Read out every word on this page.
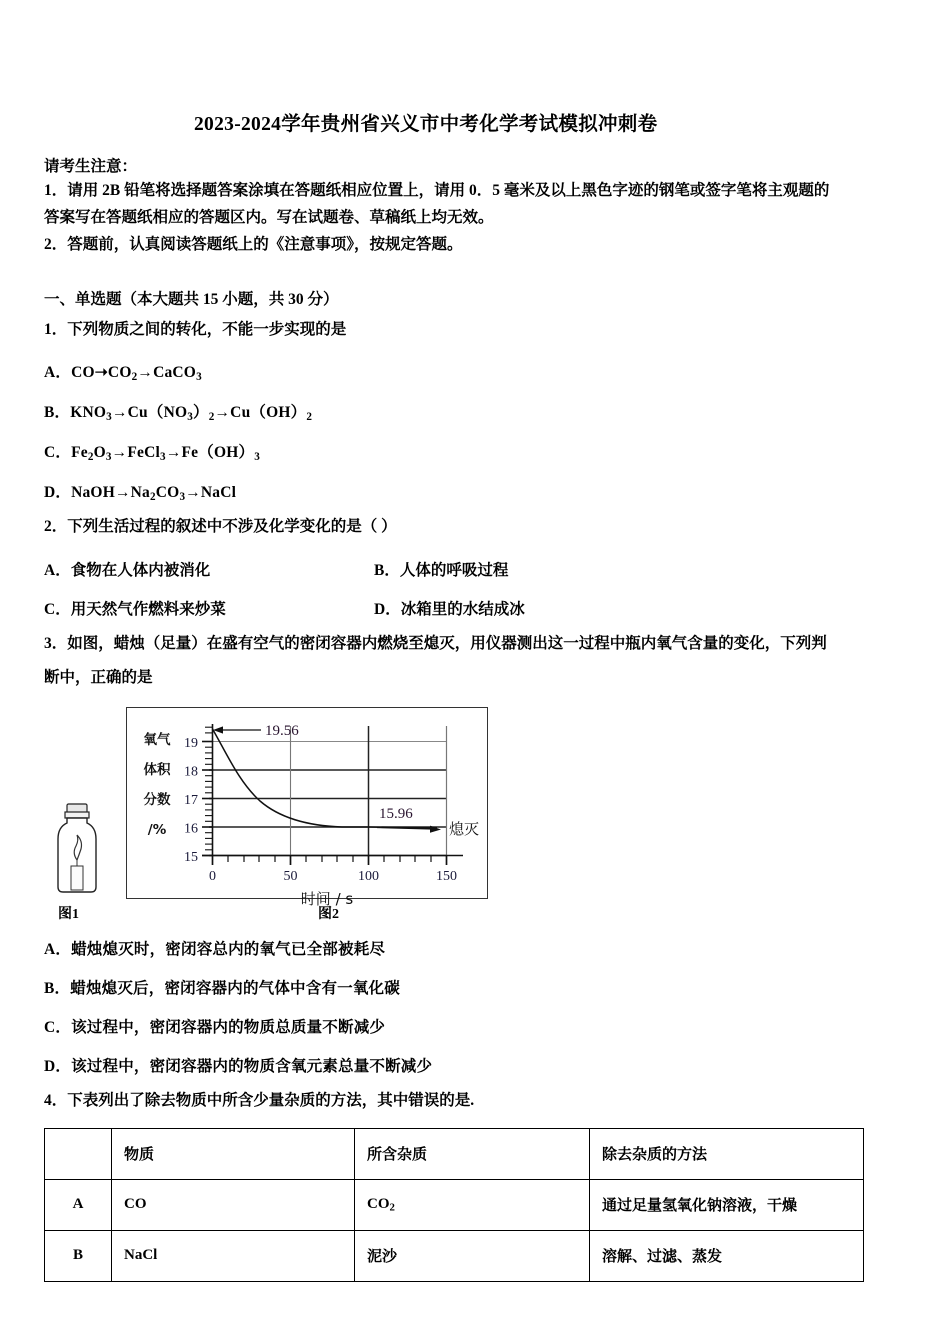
2023-2024学年贵州省兴义市中考化学考试模拟冲刺卷
请考生注意：
1．请用 2B 铅笔将选择题答案涂填在答题纸相应位置上，请用 0．5 毫米及以上黑色字迹的钢笔或签字笔将主观题的
答案写在答题纸相应的答题区内。写在试题卷、草稿纸上均无效。
2．答题前，认真阅读答题纸上的《注意事项》，按规定答题。
一、单选题（本大题共 15 小题，共 30 分）
1．下列物质之间的转化，不能一步实现的是
A．$CO➝CO_2\to CaCO_3$
B．$KNO_3\to Cu(NO_3)_2\to Cu(OH)_2$
C．$Fe_2O_3\to FeCl_3\to Fe(OH)_3$
D．$NaOH\to Na_2CO_3\to NaCl$
2．下列生活过程的叙述中不涉及化学变化的是（ ）
A．食物在人体内被消化	B．人体的呼吸过程
C．用天然气作燃料来炒菜	D．冰箱里的水结成冰
3．如图，蜡烛（足量）在盛有空气的密闭容器内燃烧至熄灭，用仪器测出这一过程中瓶内氧气含量的变化，下列判
断中，正确的是
图1
19
18
17
16
15
0	50	100	150
氧气
体积
分数
/%
时间 / s
19.56
15.96
熄灭
图2
A．蜡烛熄灭时，密闭容总内的氧气已全部被耗尽
B．蜡烛熄灭后，密闭容器内的气体中含有一氧化碳
C．该过程中，密闭容器内的物质总质量不断减少
D．该过程中，密闭容器内的物质含氧元素总量不断减少
4．下表列出了除去物质中所含少量杂质的方法，其中错误的是.
	物质	所含杂质	除去杂质的方法
A	CO	$CO_2$	通过足量氢氧化钠溶液，干燥
B	NaCl	泥沙	溶解、过滤、蒸发
